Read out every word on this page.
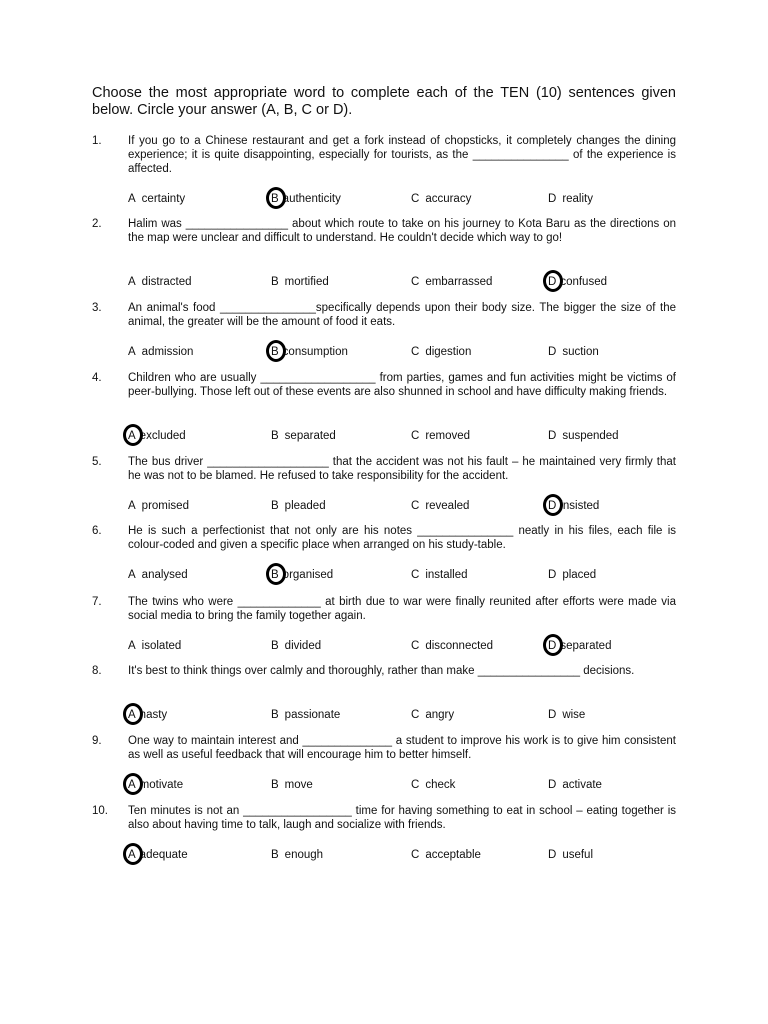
Choose the most appropriate word to complete each of the TEN (10) sentences given below. Circle your answer (A, B, C or D).

1. If you go to a Chinese restaurant and get a fork instead of chopsticks, it completely changes the dining experience; it is quite disappointing, especially for tourists, as the _______________ of the experience is affected.

A certainty	B authenticity	C accuracy	D reality
2. Halim was ________________ about which route to take on his journey to Kota Baru as the directions on the map were unclear and difficult to understand. He couldn't decide which way to go!

A distracted	B mortified	C embarrassed	D confused
3. An animal's food _______________specifically depends upon their body size. The bigger the size of the animal, the greater will be the amount of food it eats.

A admission	B consumption	C digestion	D suction
4. Children who are usually __________________ from parties, games and fun activities might be victims of peer-bullying. Those left out of these events are also shunned in school and have difficulty making friends.

A excluded	B separated	C removed	D suspended
5. The bus driver ___________________ that the accident was not his fault – he maintained very firmly that he was not to be blamed. He refused to take responsibility for the accident.

A promised	B pleaded	C revealed	D insisted
6. He is such a perfectionist that not only are his notes _______________ neatly in his files, each file is colour-coded and given a specific place when arranged on his study-table.

A analysed	B organised	C installed	D placed
7. The twins who were _____________ at birth due to war were finally reunited after efforts were made via social media to bring the family together again.

A isolated	B divided	C disconnected	D separated
8. It's best to think things over calmly and thoroughly, rather than make ________________ decisions.

A hasty	B passionate	C angry	D wise
9. One way to maintain interest and ______________ a student to improve his work is to give him consistent as well as useful feedback that will encourage him to better himself.

A motivate	B move	C check	D activate
10. Ten minutes is not an _________________ time for having something to eat in school – eating together is also about having time to talk, laugh and socialize with friends.

A adequate	B enough	C acceptable	D useful
